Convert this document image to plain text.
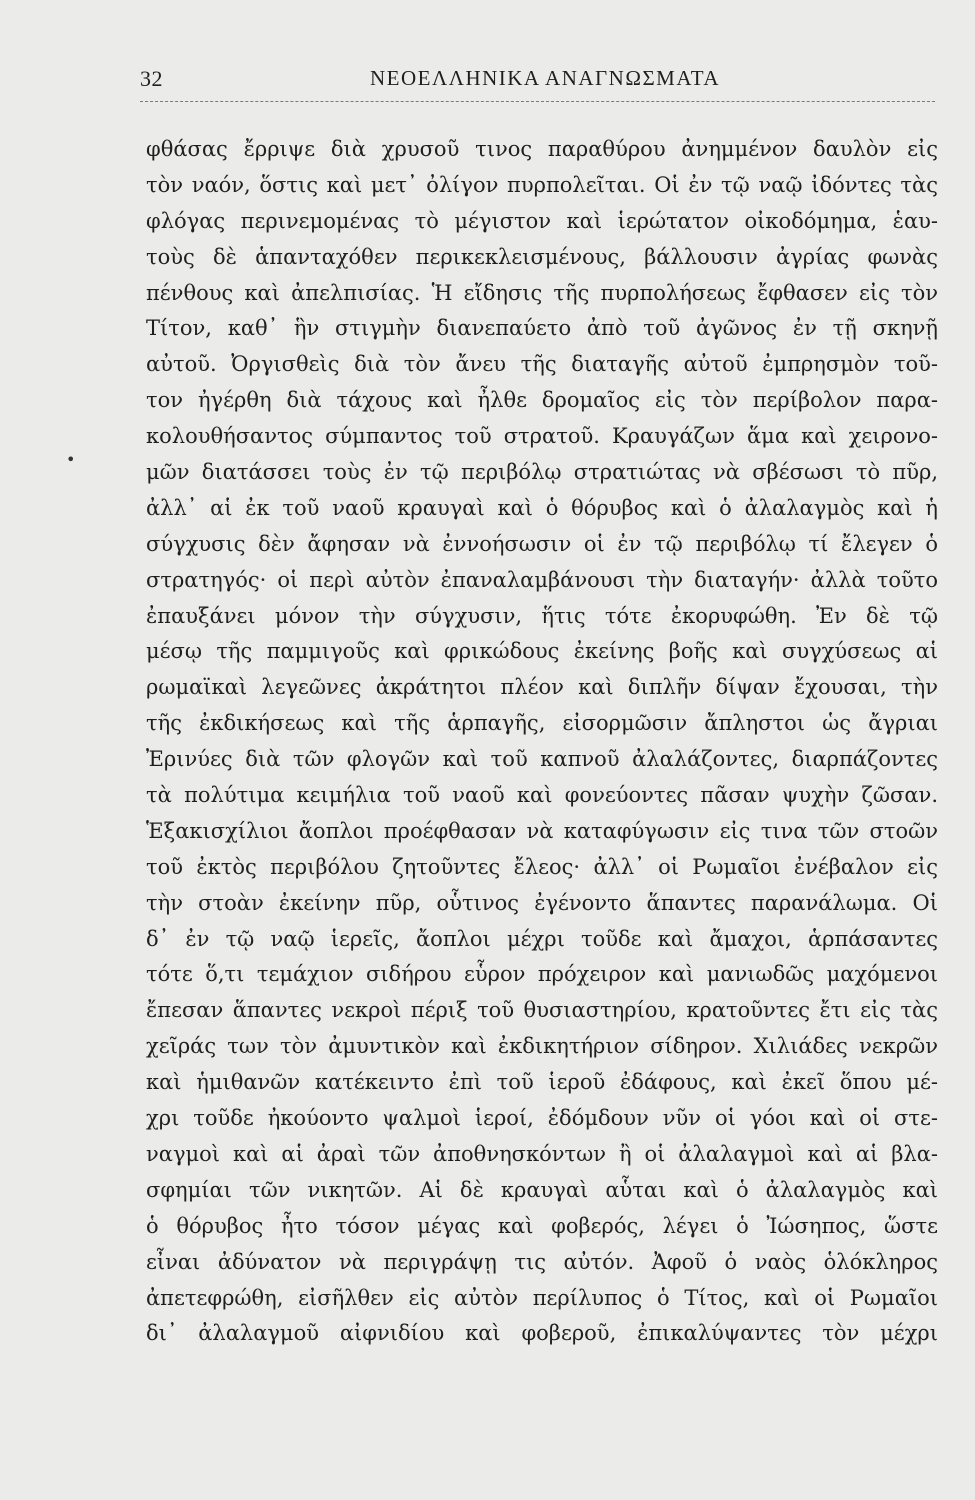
32	ΝΕΟΕΛΛΗΝΙΚΑ ΑΝΑΓΝΩΣΜΑΤΑ
•
φθάσας ἔρριψε διὰ χρυσοῦ τινος παραθύρου ἀνημμένον δαυλὸν εἰς
τὸν ναόν, ὅστις καὶ μετ᾽ ὀλίγον πυρπολεῖται. Οἱ ἐν τῷ ναῷ ἰδόντες τὰς
φλόγας περινεμομένας τὸ μέγιστον καὶ ἱερώτατον οἰκοδόμημα, ἑαυ-
τοὺς δὲ ἁπανταχόθεν περικεκλεισμένους, βάλλουσιν ἀγρίας φωνὰς
πένθους καὶ ἀπελπισίας. Ἡ εἴδησις τῆς πυρπολήσεως ἔφθασεν εἰς τὸν
Τίτον, καθ᾽ ἣν στιγμὴν διανεπαύετο ἀπὸ τοῦ ἀγῶνος ἐν τῇ σκηνῇ
αὐτοῦ. Ὀργισθεὶς διὰ τὸν ἄνευ τῆς διαταγῆς αὐτοῦ ἐμπρησμὸν τοῦ-
τον ἠγέρθη διὰ τάχους καὶ ἦλθε δρομαῖος εἰς τὸν περίβολον παρα-
κολουθήσαντος σύμπαντος τοῦ στρατοῦ. Κραυγάζων ἅμα καὶ χειρονο-
μῶν διατάσσει τοὺς ἐν τῷ περιβόλῳ στρατιώτας νὰ σβέσωσι τὸ πῦρ,
ἀλλ᾽ αἱ ἐκ τοῦ ναοῦ κραυγαὶ καὶ ὁ θόρυβος καὶ ὁ ἀλαλαγμὸς καὶ ἡ
σύγχυσις δὲν ἄφησαν νὰ ἐννοήσωσιν οἱ ἐν τῷ περιβόλῳ τί ἔλεγεν ὁ
στρατηγός· οἱ περὶ αὐτὸν ἐπαναλαμβάνουσι τὴν διαταγήν· ἀλλὰ τοῦτο
ἐπαυξάνει μόνον τὴν σύγχυσιν, ἥτις τότε ἐκορυφώθη. Ἐν δὲ τῷ
μέσῳ τῆς παμμιγοῦς καὶ φρικώδους ἐκείνης βοῆς καὶ συγχύσεως αἱ
ρωμαϊκαὶ λεγεῶνες ἀκράτητοι πλέον καὶ διπλῆν δίψαν ἔχουσαι, τὴν
τῆς ἐκδικήσεως καὶ τῆς ἁρπαγῆς, εἰσορμῶσιν ἄπληστοι ὡς ἄγριαι
Ἐρινύες διὰ τῶν φλογῶν καὶ τοῦ καπνοῦ ἀλαλάζοντες, διαρπάζοντες
τὰ πολύτιμα κειμήλια τοῦ ναοῦ καὶ φονεύοντες πᾶσαν ψυχὴν ζῶσαν.
Ἑξακισχίλιοι ἄοπλοι προέφθασαν νὰ καταφύγωσιν εἰς τινα τῶν στοῶν
τοῦ ἐκτὸς περιβόλου ζητοῦντες ἔλεος· ἀλλ᾽ οἱ Ρωμαῖοι ἐνέβαλον εἰς
τὴν στοὰν ἐκείνην πῦρ, οὗτινος ἐγένοντο ἅπαντες παρανάλωμα. Οἱ
δ᾽ ἐν τῷ ναῷ ἱερεῖς, ἄοπλοι μέχρι τοῦδε καὶ ἄμαχοι, ἁρπάσαντες
τότε ὅ,τι τεμάχιον σιδήρου εὗρον πρόχειρον καὶ μανιωδῶς μαχόμενοι
ἔπεσαν ἅπαντες νεκροὶ πέριξ τοῦ θυσιαστηρίου, κρατοῦντες ἔτι εἰς τὰς
χεῖράς των τὸν ἀμυντικὸν καὶ ἐκδικητήριον σίδηρον. Χιλιάδες νεκρῶν
καὶ ἡμιθανῶν κατέκειντο ἐπὶ τοῦ ἱεροῦ ἐδάφους, καὶ ἐκεῖ ὅπου μέ-
χρι τοῦδε ἠκούοντο ψαλμοὶ ἱεροί, ἐδόμδουν νῦν οἱ γόοι καὶ οἱ στε-
ναγμοὶ καὶ αἱ ἀραὶ τῶν ἀποθνησκόντων ἢ οἱ ἀλαλαγμοὶ καὶ αἱ βλα-
σφημίαι τῶν νικητῶν. Αἱ δὲ κραυγαὶ αὗται καὶ ὁ ἀλαλαγμὸς καὶ
ὁ θόρυβος ἦτο τόσον μέγας καὶ φοβερός, λέγει ὁ Ἰώσηπος, ὥστε
εἶναι ἀδύνατον νὰ περιγράψῃ τις αὐτόν. Ἀφοῦ ὁ ναὸς ὁλόκληρος
ἀπετεφρώθη, εἰσῆλθεν εἰς αὐτὸν περίλυπος ὁ Τίτος, καὶ οἱ Ρωμαῖοι
δι᾽ ἀλαλαγμοῦ αἰφνιδίου καὶ φοβεροῦ, ἐπικαλύψαντες τὸν μέχρι
